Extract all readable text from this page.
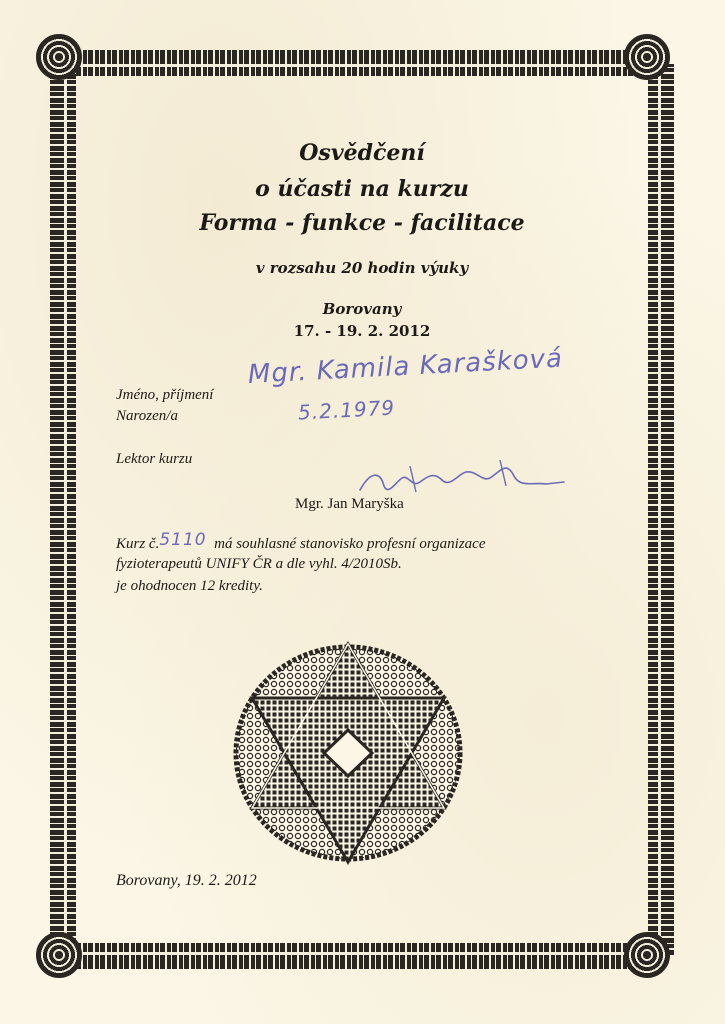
Osvědčení
o účasti na kurzu
Forma - funkce - facilitace
v rozsahu 20 hodin výuky
Borovany
17. - 19. 2. 2012
Jméno, příjmení
Narozen/a
Mgr. Kamila Karašková
5.2.1979
Lektor kurzu
Mgr. Jan Maryška
Kurz č.5110 má souhlasné stanovisko profesní organizace
fyzioterapeutů UNIFY ČR a dle vyhl. 4/2010Sb.
je ohodnocen 12 kredity.
Borovany, 19. 2. 2012
